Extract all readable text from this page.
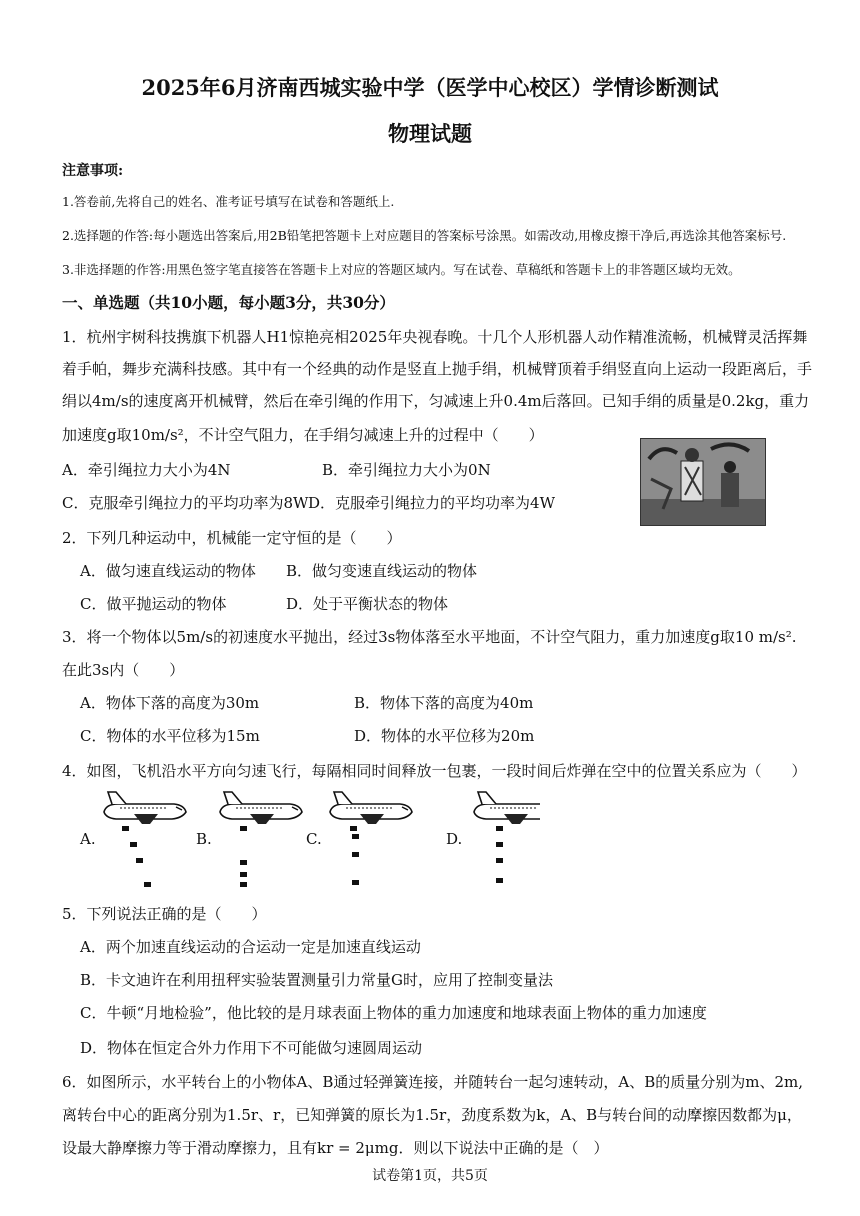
2025年6月济南西城实验中学（医学中心校区）学情诊断测试
物理试题
注意事项:
1.答卷前,先将自己的姓名、准考证号填写在试卷和答题纸上.
2.选择题的作答:每小题选出答案后,用2B铅笔把答题卡上对应题目的答案标号涂黑。如需改动,用橡皮擦干净后,再选涂其他答案标号.
3.非选择题的作答:用黑色签字笔直接答在答题卡上对应的答题区域内。写在试卷、草稿纸和答题卡上的非答题区域均无效。
一、单选题（共10小题，每小题3分，共30分）
1．杭州宇树科技携旗下机器人H1惊艳亮相2025年央视春晚。十几个人形机器人动作精准流畅，机械臂灵活挥舞
着手帕，舞步充满科技感。其中有一个经典的动作是竖直上抛手绢，机械臂顶着手绢竖直向上运动一段距离后，手
绢以4m/s的速度离开机械臂，然后在牵引绳的作用下，匀减速上升0.4m后落回。已知手绢的质量是0.2kg，重力
加速度g取10m/s²，不计空气阻力，在手绢匀减速上升的过程中（　　）
A．牵引绳拉力大小为4N	B．牵引绳拉力大小为0N
C．克服牵引绳拉力的平均功率为8W D．克服牵引绳拉力的平均功率为4W
2．下列几种运动中，机械能一定守恒的是（　　）
A．做匀速直线运动的物体 B．做匀变速直线运动的物体
C．做平抛运动的物体	D．处于平衡状态的物体
3．将一个物体以5m/s的初速度水平抛出，经过3s物体落至水平地面，不计空气阻力，重力加速度g取10 m/s².
在此3s内（　　）
A．物体下落的高度为30m	B．物体下落的高度为40m
C．物体的水平位移为15m	D．物体的水平位移为20m
4．如图，飞机沿水平方向匀速飞行，每隔相同时间释放一包裹，一段时间后炸弹在空中的位置关系应为（　　）
A.	B.	C.	D.
5．下列说法正确的是（　　）
A．两个加速直线运动的合运动一定是加速直线运动
B．卡文迪许在利用扭秤实验装置测量引力常量G时，应用了控制变量法
C．牛顿“月地检验”，他比较的是月球表面上物体的重力加速度和地球表面上物体的重力加速度
D．物体在恒定合外力作用下不可能做匀速圆周运动
6．如图所示，水平转台上的小物体A、B通过轻弹簧连接，并随转台一起匀速转动，A、B的质量分别为m、2m,
离转台中心的距离分别为1.5r、r，已知弹簧的原长为1.5r，劲度系数为k，A、B与转台间的动摩擦因数都为μ，
设最大静摩擦力等于滑动摩擦力，且有kr = 2μmg．则以下说法中正确的是（　）
试卷第1页，共5页
